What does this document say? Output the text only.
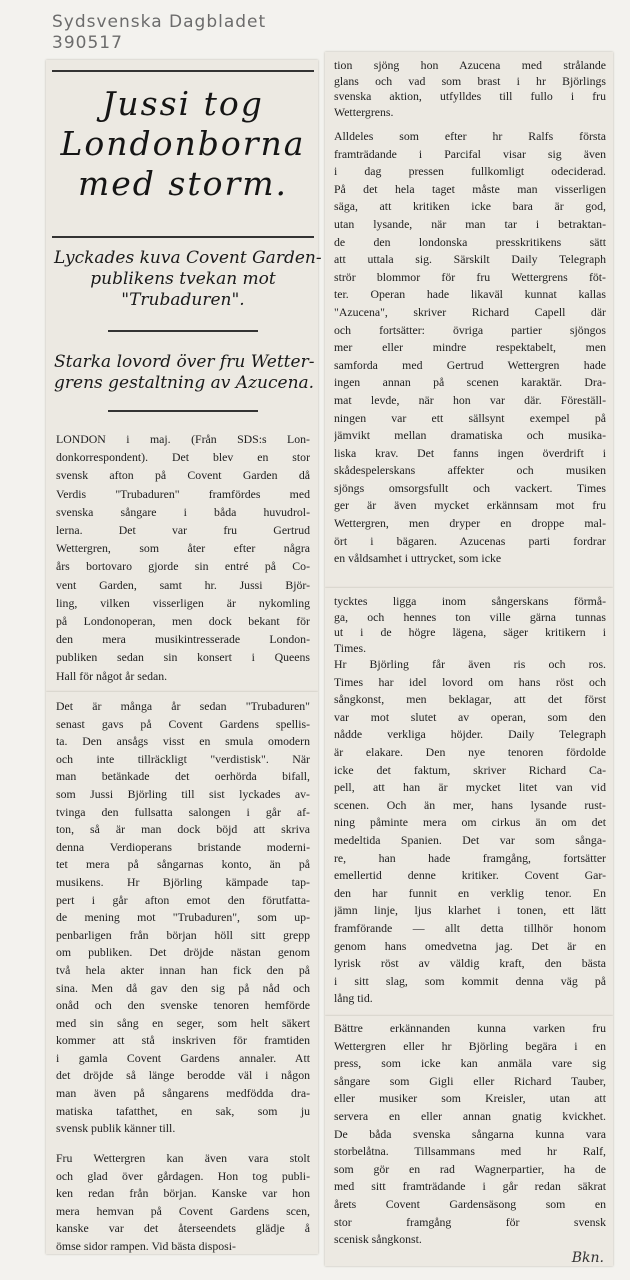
Sydsvenska Dagbladet
390517
Jussi tog
Londonborna
med storm.
Lyckades kuva Covent Garden-
publikens tvekan mot
"Trubaduren".
Starka lovord över fru Wetter-
grens gestaltning av Azucena.
LONDON i maj. (Från SDS:s Lon-
donkorrespondent). Det blev en stor
svensk afton på Covent Garden då
Verdis "Trubaduren" framfördes med
svenska sångare i båda huvudrol-
lerna. Det var fru Gertrud
Wettergren, som åter efter några
års bortovaro gjorde sin entré på Co-
vent Garden, samt hr. Jussi Björ-
ling, vilken visserligen är nykomling
på Londonoperan, men dock bekant för
den mera musikintresserade London-
publiken sedan sin konsert i Queens
Hall för något år sedan.
Det är många år sedan "Trubaduren"
senast gavs på Covent Gardens spellis-
ta. Den ansågs visst en smula omodern
och inte tillräckligt "verdistisk". När
man betänkade det oerhörda bifall,
som Jussi Björling till sist lyckades av-
tvinga den fullsatta salongen i går af-
ton, så är man dock böjd att skriva
denna Verdioperans bristande moderni-
tet mera på sångarnas konto, än på
musikens. Hr Björling kämpade tap-
pert i går afton emot den förutfatta-
de mening mot "Trubaduren", som up-
penbarligen från början höll sitt grepp
om publiken. Det dröjde nästan genom
två hela akter innan han fick den på
sina. Men då gav den sig på nåd och
onåd och den svenske tenoren hemförde
med sin sång en seger, som helt säkert
kommer att stå inskriven för framtiden
i gamla Covent Gardens annaler. Att
det dröjde så länge berodde väl i någon
man även på sångarens medfödda dra-
matiska tafatthet, en sak, som ju
svensk publik känner till.
Fru Wettergren kan även vara stolt
och glad över gårdagen. Hon tog publi-
ken redan från början. Kanske var hon
mera hemvan på Covent Gardens scen,
kanske var det återseendets glädje å
ömse sidor rampen. Vid bästa disposi-
tion sjöng hon Azucena med strålande
glans och vad som brast i hr Björlings
svenska aktion, utfylldes till fullo i fru
Wettergrens.
Alldeles som efter hr Ralfs första
framträdande i Parcifal visar sig även
i dag pressen fullkomligt odeciderad.
På det hela taget måste man visserligen
säga, att kritiken icke bara är god,
utan lysande, när man tar i betraktan-
de den londonska presskritikens sätt
att uttala sig. Särskilt Daily Telegraph
strör blommor för fru Wettergrens föt-
ter. Operan hade likaväl kunnat kallas
"Azucena", skriver Richard Capell där
och fortsätter: övriga partier sjöngos
mer eller mindre respektabelt, men
samforda med Gertrud Wettergren hade
ingen annan på scenen karaktär. Dra-
mat levde, när hon var där. Föreställ-
ningen var ett sällsynt exempel på
jämvikt mellan dramatiska och musika-
liska krav. Det fanns ingen överdrift i
skådespelerskans affekter och musiken
sjöngs omsorgsfullt och vackert. Times
ger är även mycket erkännsam mot fru
Wettergren, men dryper en droppe mal-
ört i bägaren. Azucenas parti fordrar
en våldsamhet i uttrycket, som icke
tycktes ligga inom sångerskans förmå-
ga, och hennes ton ville gärna tunnas
ut i de högre lägena, säger kritikern i
Times.
Hr Björling får även ris och ros.
Times har idel lovord om hans röst och
sångkonst, men beklagar, att det först
var mot slutet av operan, som den
nådde verkliga höjder. Daily Telegraph
är elakare. Den nye tenoren fördolde
icke det faktum, skriver Richard Ca-
pell, att han är mycket litet van vid
scenen. Och än mer, hans lysande rust-
ning påminte mera om cirkus än om det
medeltida Spanien. Det var som sånga-
re, han hade framgång, fortsätter
emellertid denne kritiker. Covent Gar-
den har funnit en verklig tenor. En
jämn linje, ljus klarhet i tonen, ett lätt
framförande — allt detta tillhör honom
genom hans omedvetna jag. Det är en
lyrisk röst av väldig kraft, den bästa
i sitt slag, som kommit denna väg på
lång tid.
Bättre erkännanden kunna varken fru
Wettergren eller hr Björling begära i en
press, som icke kan anmäla vare sig
sångare som Gigli eller Richard Tauber,
eller musiker som Kreisler, utan att
servera en eller annan gnatig kvickhet.
De båda svenska sångarna kunna vara
storbelåtna. Tillsammans med hr Ralf,
som gör en rad Wagnerpartier, ha de
med sitt framträdande i går redan säkrat
årets Covent Gardensäsong som en
stor framgång för svensk
scenisk sångkonst.
Bkn.
